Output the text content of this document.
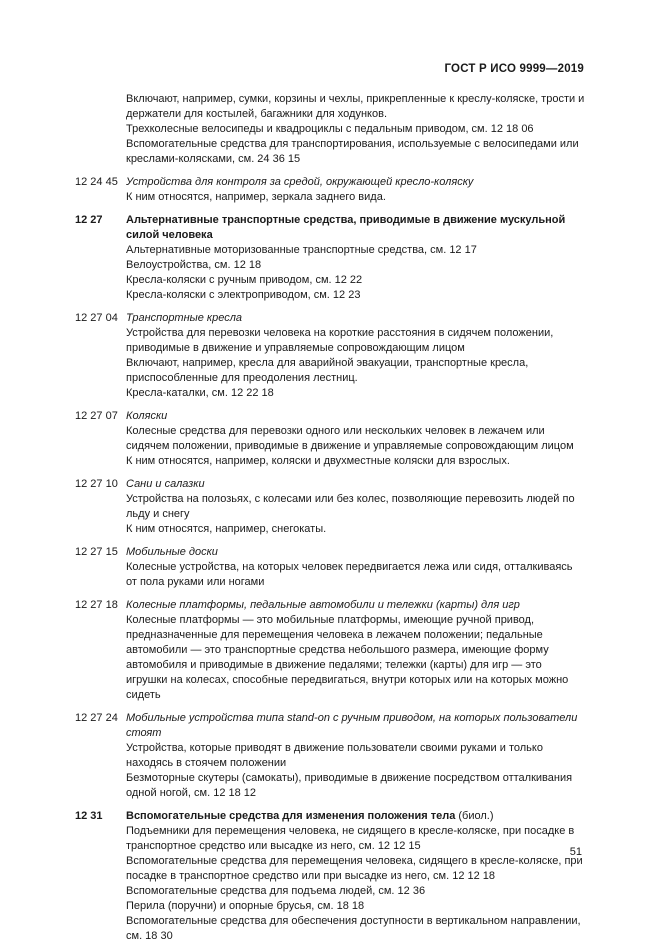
ГОСТ Р ИСО 9999—2019
Включают, например, сумки, корзины и чехлы, прикрепленные к креслу-коляске, трости и держатели для костылей, багажники для ходунков.
Трехколесные велосипеды и квадроциклы с педальным приводом, см. 12 18 06
Вспомогательные средства для транспортирования, используемые с велосипедами или креслами-колясками, см. 24 36 15
12 24 45 Устройства для контроля за средой, окружающей кресло-коляску
К ним относятся, например, зеркала заднего вида.
12 27 Альтернативные транспортные средства, приводимые в движение мускульной силой человека
Альтернативные моторизованные транспортные средства, см. 12 17
Велоустройства, см. 12 18
Кресла-коляски с ручным приводом, см. 12 22
Кресла-коляски с электроприводом, см. 12 23
12 27 04 Транспортные кресла
Устройства для перевозки человека на короткие расстояния в сидячем положении, приводимые в движение и управляемые сопровождающим лицом
Включают, например, кресла для аварийной эвакуации, транспортные кресла, приспособленные для преодоления лестниц.
Кресла-каталки, см. 12 22 18
12 27 07 Коляски
Колесные средства для перевозки одного или нескольких человек в лежачем или сидячем положении, приводимые в движение и управляемые сопровождающим лицом
К ним относятся, например, коляски и двухместные коляски для взрослых.
12 27 10 Сани и салазки
Устройства на полозьях, с колесами или без колес, позволяющие перевозить людей по льду и снегу
К ним относятся, например, снегокаты.
12 27 15 Мобильные доски
Колесные устройства, на которых человек передвигается лежа или сидя, отталкиваясь от пола руками или ногами
12 27 18 Колесные платформы, педальные автомобили и тележки (карты) для игр
Колесные платформы — это мобильные платформы, имеющие ручной привод, предназначенные для перемещения человека в лежачем положении; педальные автомобили — это транспортные средства небольшого размера, имеющие форму автомобиля и приводимые в движение педалями; тележки (карты) для игр — это игрушки на колесах, способные передвигаться, внутри которых или на которых можно сидеть
12 27 24 Мобильные устройства типа stand-on с ручным приводом, на которых пользователи стоят
Устройства, которые приводят в движение пользователи своими руками и только находясь в стоячем положении
Безмоторные скутеры (самокаты), приводимые в движение посредством отталкивания одной ногой, см. 12 18 12
12 31 Вспомогательные средства для изменения положения тела (биол.)
Подъемники для перемещения человека, не сидящего в кресле-коляске, при посадке в транспортное средство или высадке из него, см. 12 12 15
Вспомогательные средства для перемещения человека, сидящего в кресле-коляске, при посадке в транспортное средство или при высадке из него, см. 12 12 18
Вспомогательные средства для подъема людей, см. 12 36
Перила (поручни) и опорные брусья, см. 18 18
Вспомогательные средства для обеспечения доступности в вертикальном направлении, см. 18 30
51
